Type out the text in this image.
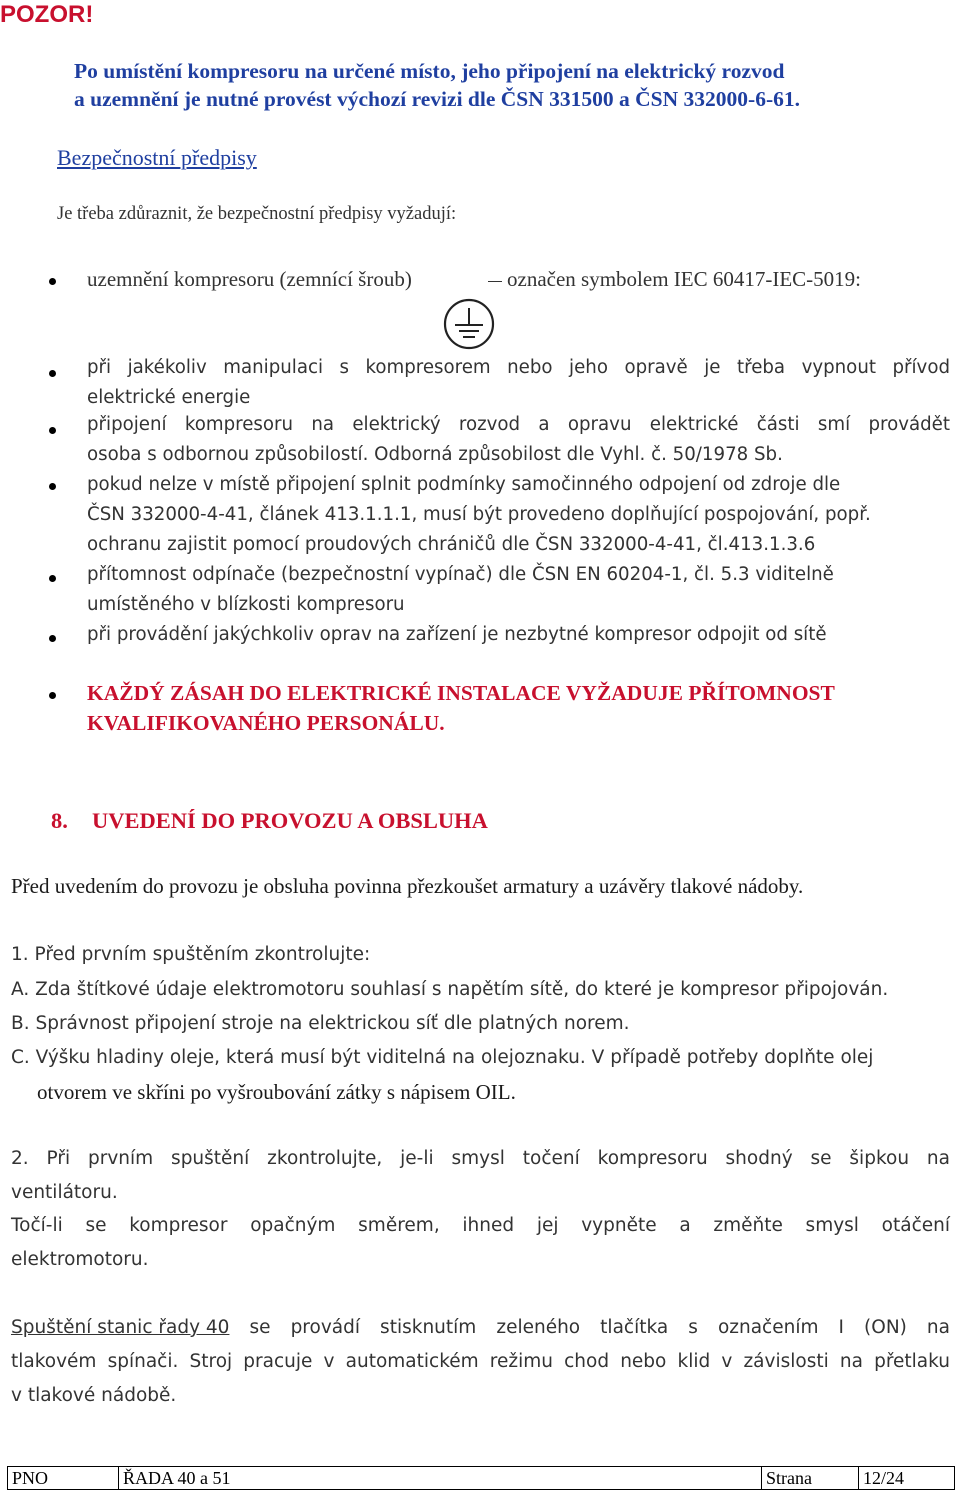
POZOR!
Po umístění kompresoru na určené místo, jeho připojení na elektrický rozvod
a uzemnění je nutné provést výchozí revizi dle ČSN 331500 a ČSN 332000-6-61.
Bezpečnostní předpisy
Je třeba zdůraznit, že bezpečnostní předpisy vyžadují:
uzemnění kompresoru (zemnící šroub)	označen symbolem IEC 60417-IEC-5019:
při jakékoliv manipulaci s kompresorem nebo jeho opravě je třeba vypnout přívod
elektrické energie
připojení kompresoru na elektrický rozvod a opravu elektrické části smí provádět
osoba s odbornou způsobilostí. Odborná způsobilost dle Vyhl. č. 50/1978 Sb.
pokud nelze v místě připojení splnit podmínky samočinného odpojení od zdroje dle
ČSN 332000-4-41, článek 413.1.1.1, musí být provedeno doplňující pospojování, popř.
ochranu zajistit pomocí proudových chráničů dle ČSN 332000-4-41, čl.413.1.3.6
přítomnost odpínače (bezpečnostní vypínač) dle ČSN EN 60204-1, čl. 5.3 viditelně
umístěného v blízkosti kompresoru
při provádění jakýchkoliv oprav na zařízení je nezbytné kompresor odpojit od sítě
KAŽDÝ ZÁSAH DO ELEKTRICKÉ INSTALACE VYŽADUJE PŘÍTOMNOST
KVALIFIKOVANÉHO PERSONÁLU.
8. UVEDENÍ DO PROVOZU A OBSLUHA
Před uvedením do provozu je obsluha povinna přezkoušet armatury a uzávěry tlakové nádoby.
1. Před prvním spuštěním zkontrolujte:
A. Zda štítkové údaje elektromotoru souhlasí s napětím sítě, do které je kompresor připojován.
B. Správnost připojení stroje na elektrickou síť dle platných norem.
C. Výšku hladiny oleje, která musí být viditelná na olejoznaku. V případě potřeby doplňte olej
otvorem ve skříni po vyšroubování zátky s nápisem OIL.
2. Při prvním spuštění zkontrolujte, je-li smysl točení kompresoru shodný se šipkou na
ventilátoru.
Točí-li se kompresor opačným směrem, ihned jej vypněte a změňte smysl otáčení
elektromotoru.
Spuštění stanic řady 40 se provádí stisknutím zeleného tlačítka s označením I (ON) na
tlakovém spínači. Stroj pracuje v automatickém režimu chod nebo klid v závislosti na přetlaku
v tlakové nádobě.
PNO	ŘADA 40 a 51	Strana	12/24
